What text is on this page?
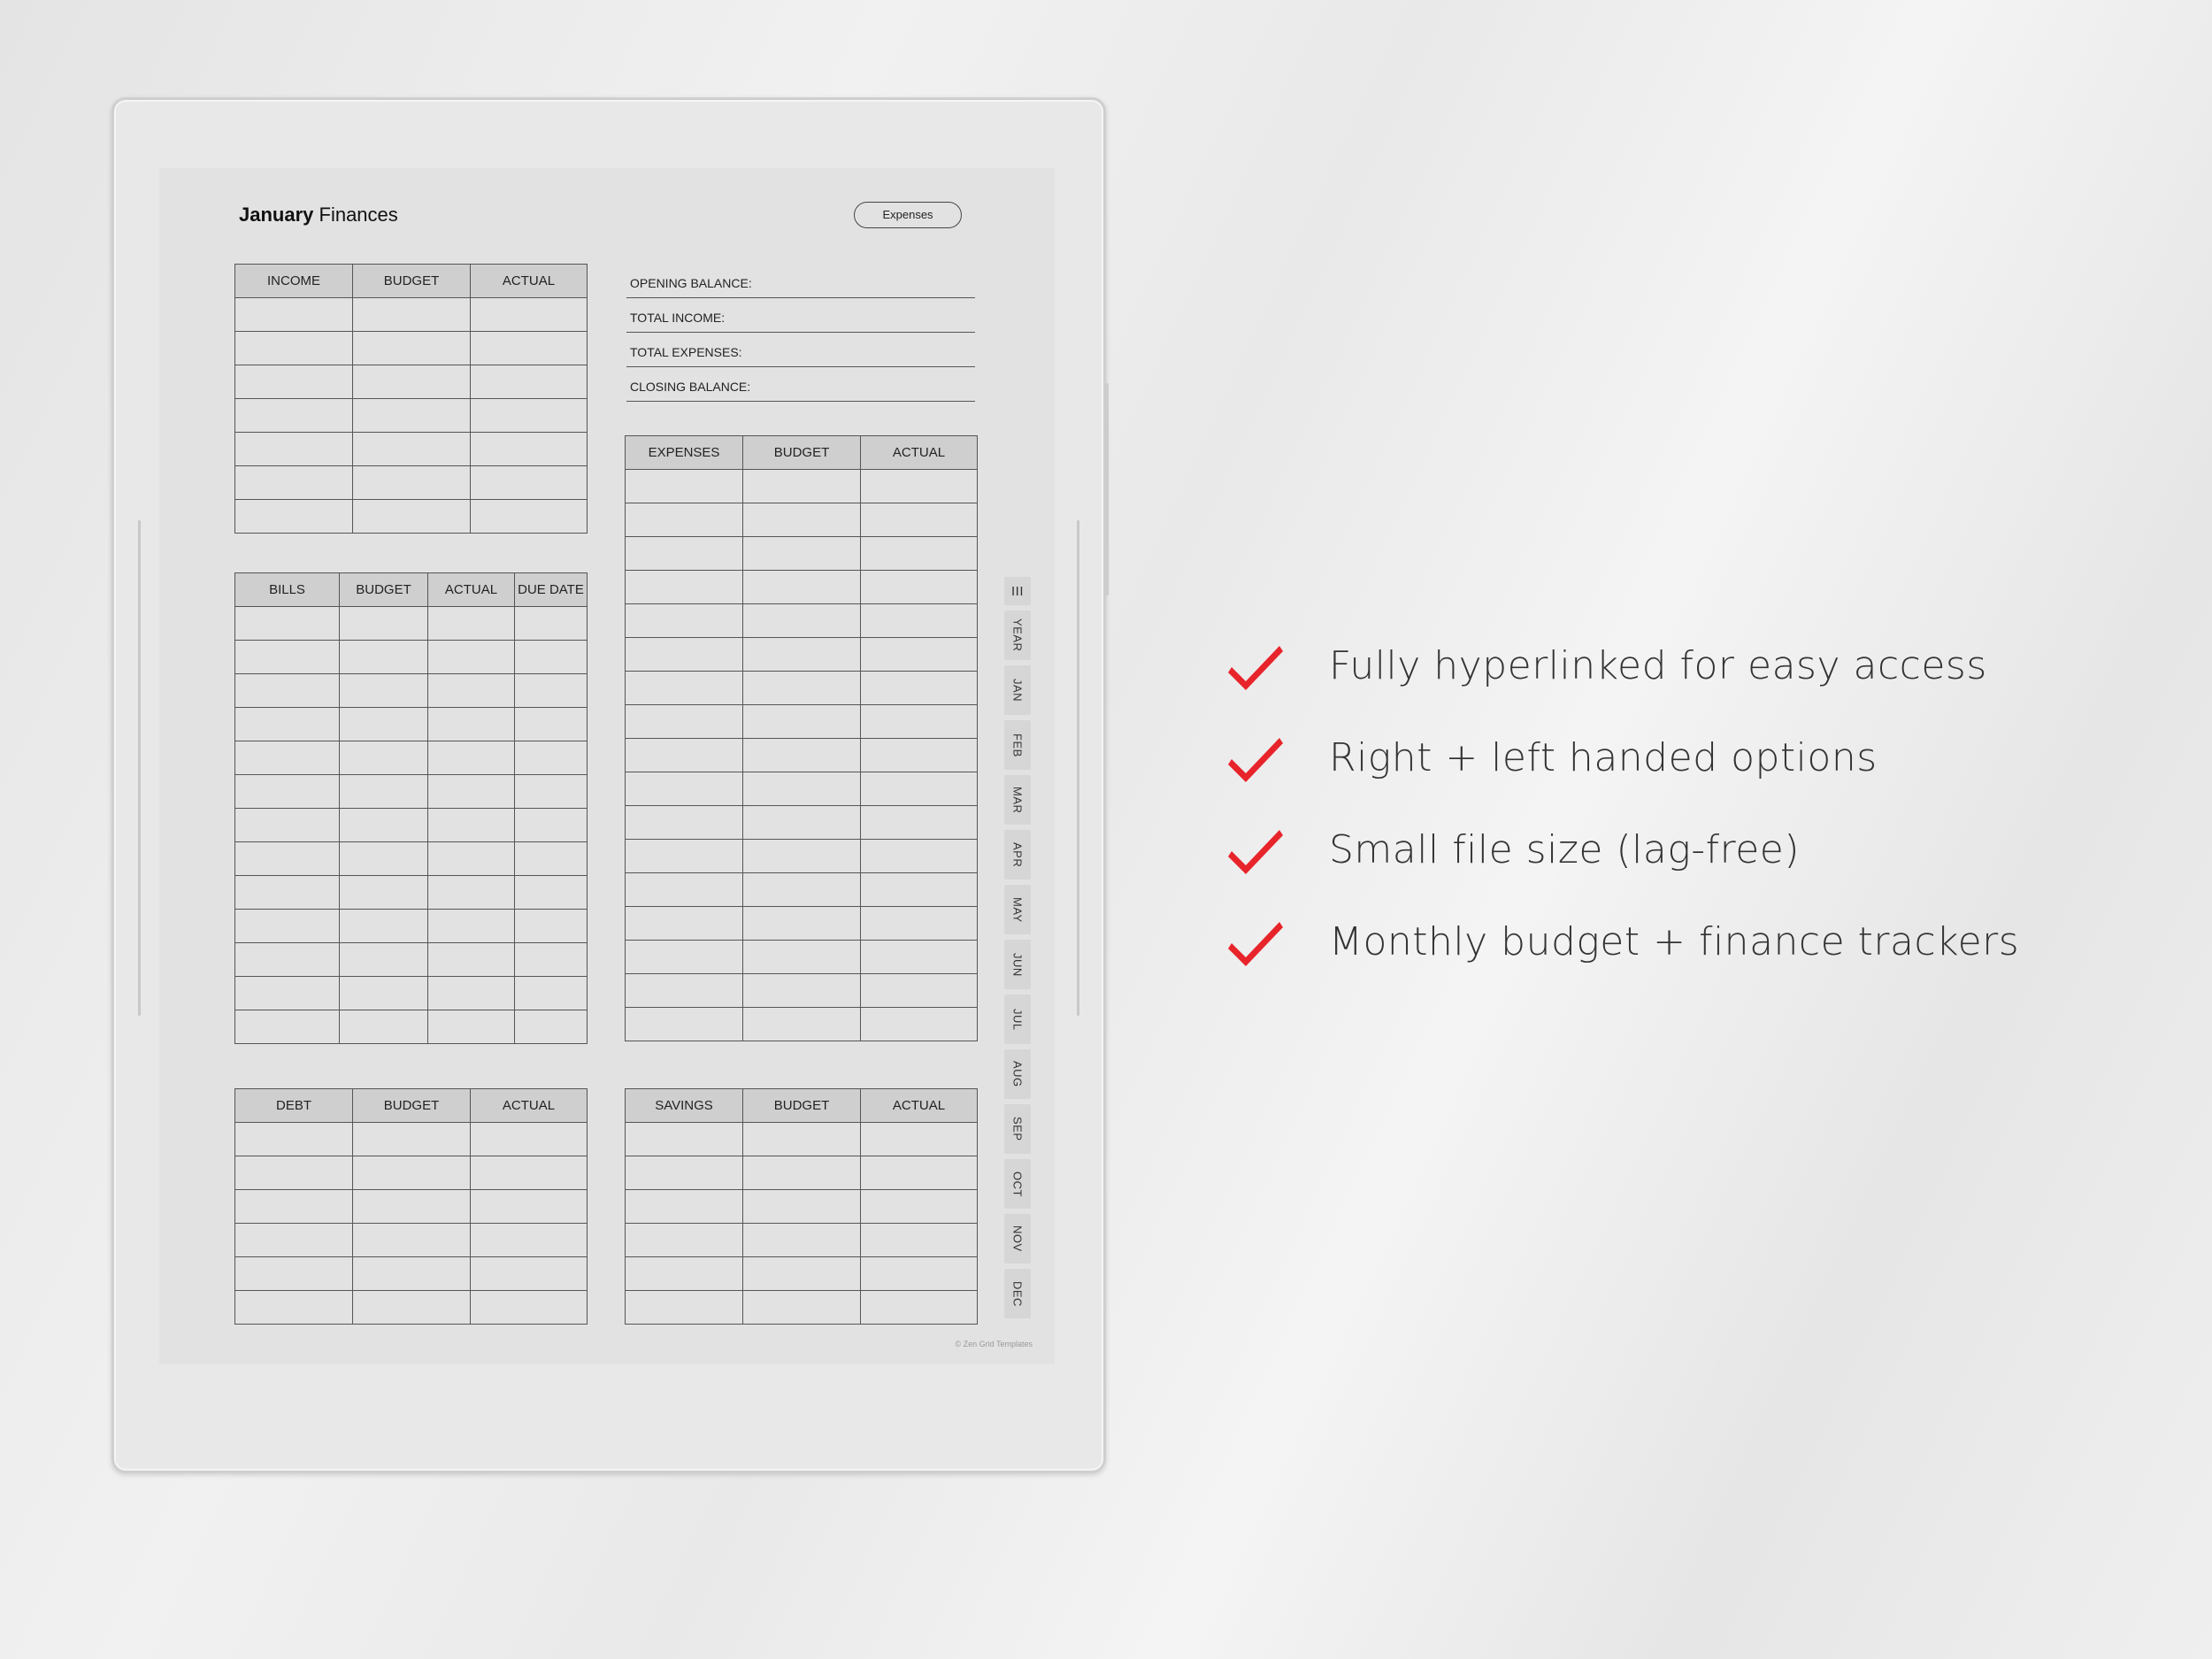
January Finances	Expenses
INCOME	BUDGET	ACTUAL

			OPENING BALANCE:
TOTAL INCOME:
TOTAL EXPENSES:
CLOSING BALANCE:
BILLS	BUDGET	ACTUAL	DUE DATE

EXPENSES	BUDGET	ACTUAL

DEBT	BUDGET	ACTUAL

			SAVINGS	BUDGET	ACTUAL

III
YEAR
JAN
FEB
MAR
APR
MAY
JUN
JUL
AUG
SEP
OCT
NOV
DEC
© Zen Grid Templates
Fully hyperlinked for easy access
Right + left handed options
Small file size (lag-free)
Monthly budget + finance trackers
